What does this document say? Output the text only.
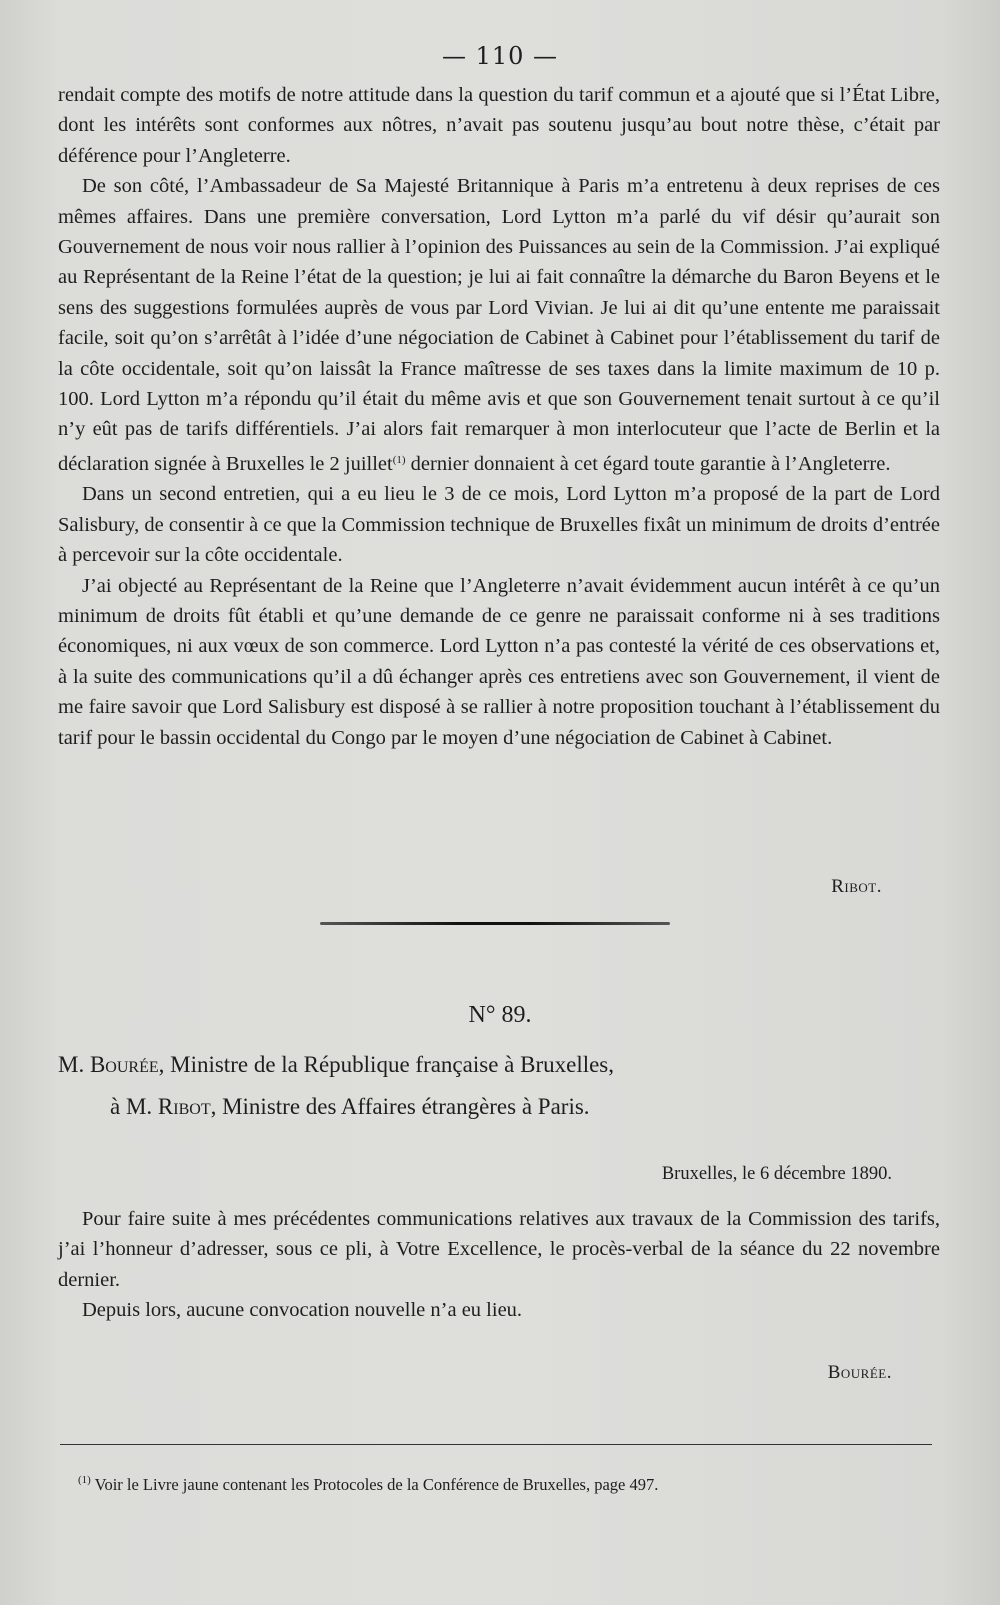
— 110 —

rendait compte des motifs de notre attitude dans la question du tarif commun et a ajouté que si l’État Libre, dont les intérêts sont conformes aux nôtres, n’avait pas soutenu jusqu’au bout notre thèse, c’était par déférence pour l’Angleterre.

De son côté, l’Ambassadeur de Sa Majesté Britannique à Paris m’a entretenu à deux reprises de ces mêmes affaires. Dans une première conversation, Lord Lytton m’a parlé du vif désir qu’aurait son Gouvernement de nous voir nous rallier à l’opinion des Puissances au sein de la Commission. J’ai expliqué au Représentant de la Reine l’état de la question; je lui ai fait connaître la démarche du Baron Beyens et le sens des suggestions formulées auprès de vous par Lord Vivian. Je lui ai dit qu’une entente me paraissait facile, soit qu’on s’arrêtât à l’idée d’une négociation de Cabinet à Cabinet pour l’établissement du tarif de la côte occidentale, soit qu’on laissât la France maîtresse de ses taxes dans la limite maximum de 10 p. 100. Lord Lytton m’a répondu qu’il était du même avis et que son Gouvernement tenait surtout à ce qu’il n’y eût pas de tarifs différentiels. J’ai alors fait remarquer à mon interlocuteur que l’acte de Berlin et la déclaration signée à Bruxelles le 2 juillet$^{(1)}$ dernier donnaient à cet égard toute garantie à l’Angleterre.

Dans un second entretien, qui a eu lieu le 3 de ce mois, Lord Lytton m’a proposé de la part de Lord Salisbury, de consentir à ce que la Commission technique de Bruxelles fixât un minimum de droits d’entrée à percevoir sur la côte occidentale.

J’ai objecté au Représentant de la Reine que l’Angleterre n’avait évidemment aucun intérêt à ce qu’un minimum de droits fût établi et qu’une demande de ce genre ne paraissait conforme ni à ses traditions économiques, ni aux vœux de son commerce. Lord Lytton n’a pas contesté la vérité de ces observations et, à la suite des communications qu’il a dû échanger après ces entretiens avec son Gouvernement, il vient de me faire savoir que Lord Salisbury est disposé à se rallier à notre proposition touchant à l’établissement du tarif pour le bassin occidental du Congo par le moyen d’une négociation de Cabinet à Cabinet.

Ribot.
N° 89.
M. Bourée, Ministre de la République française à Bruxelles,
à M. Ribot, Ministre des Affaires étrangères à Paris.
Bruxelles, le 6 décembre 1890.

Pour faire suite à mes précédentes communications relatives aux travaux de la Commission des tarifs, j’ai l’honneur d’adresser, sous ce pli, à Votre Excellence, le procès-verbal de la séance du 22 novembre dernier.

Depuis lors, aucune convocation nouvelle n’a eu lieu.

Bourée.
$^{(1)}$ Voir le Livre jaune contenant les Protocoles de la Conférence de Bruxelles, page 497.
